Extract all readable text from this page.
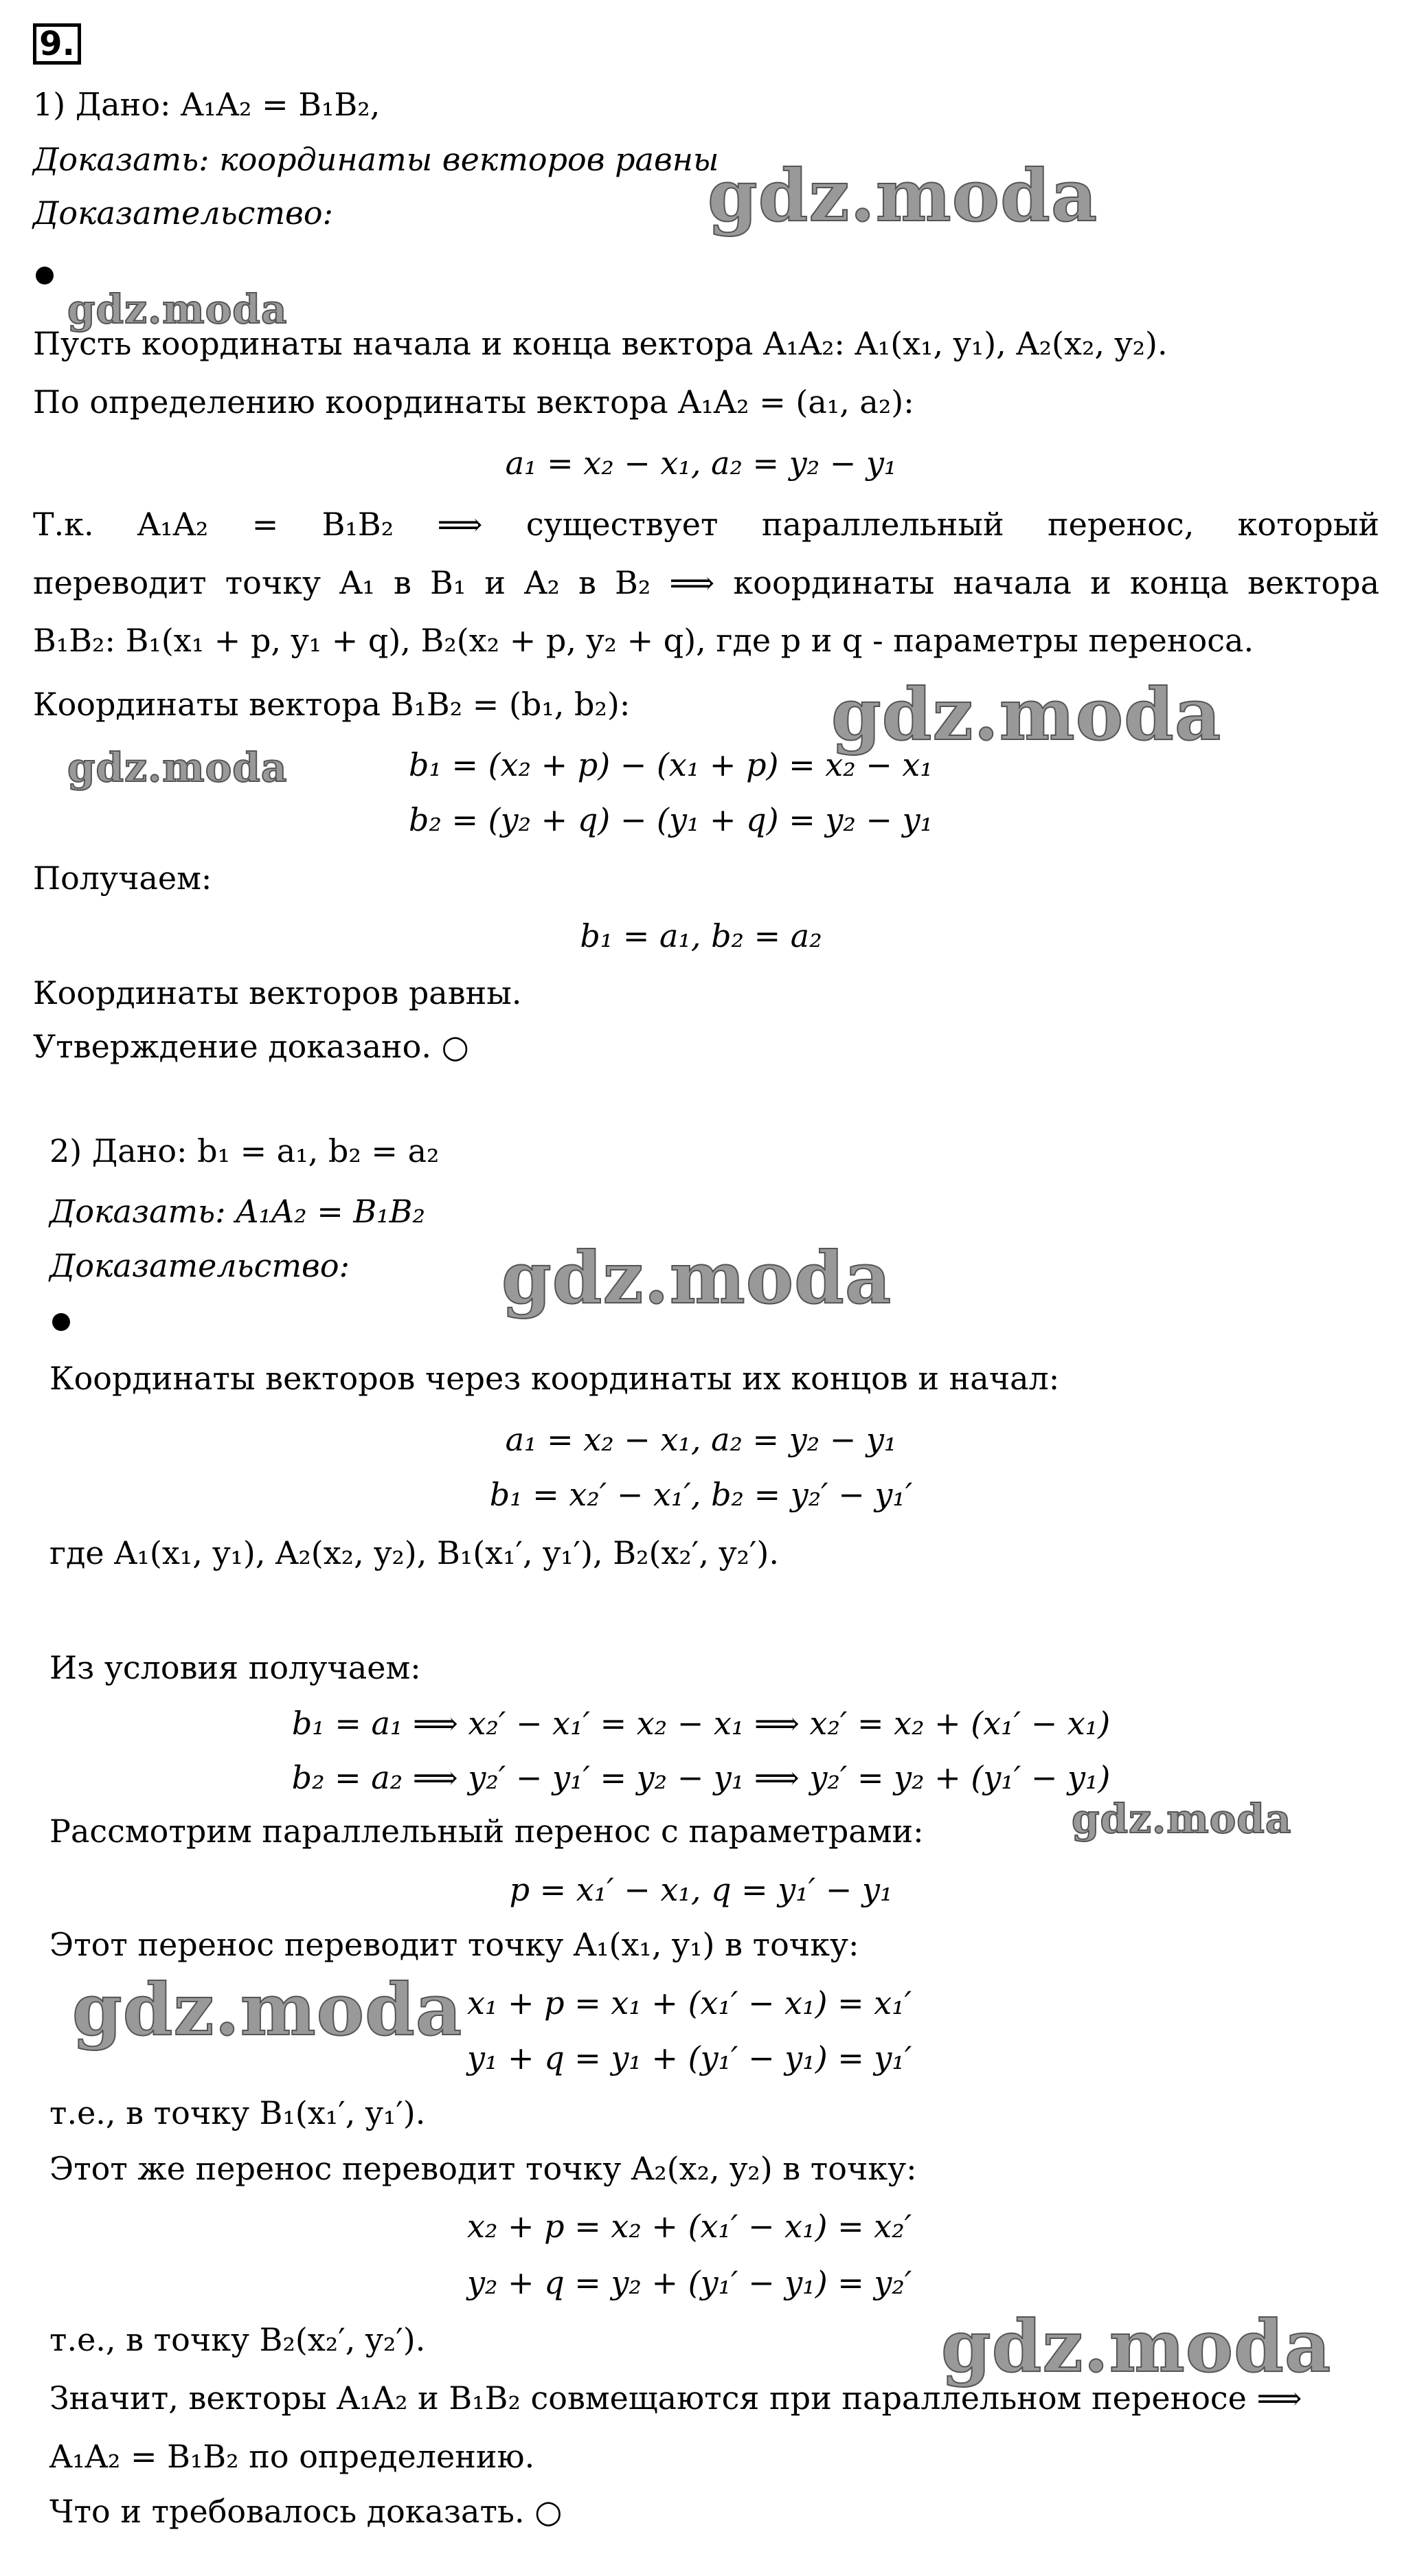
9.
1) Дано: A₁A₂ = B₁B₂,
Доказать: координаты векторов равны
Доказательство:
Пусть координаты начала и конца вектора A₁A₂: A₁(x₁, y₁), A₂(x₂, y₂).
По определению координаты вектора A₁A₂ = (a₁, a₂):
a₁ = x₂ − x₁, a₂ = y₂ − y₁
Т.к. A₁A₂ = B₁B₂ ⟹ существует параллельный перенос, который
переводит точку A₁ в B₁ и A₂ в B₂ ⟹ координаты начала и конца вектора
B₁B₂: B₁(x₁ + p, y₁ + q), B₂(x₂ + p, y₂ + q), где p и q - параметры переноса.
Координаты вектора B₁B₂ = (b₁, b₂):
b₁ = (x₂ + p) − (x₁ + p) = x₂ − x₁
b₂ = (y₂ + q) − (y₁ + q) = y₂ − y₁
Получаем:
b₁ = a₁, b₂ = a₂
Координаты векторов равны.
Утверждение доказано. ○
2) Дано: b₁ = a₁, b₂ = a₂
Доказать: A₁A₂ = B₁B₂
Доказательство:
Координаты векторов через координаты их концов и начал:
a₁ = x₂ − x₁, a₂ = y₂ − y₁
b₁ = x₂′ − x₁′, b₂ = y₂′ − y₁′
где A₁(x₁, y₁), A₂(x₂, y₂), B₁(x₁′, y₁′), B₂(x₂′, y₂′).
Из условия получаем:
b₁ = a₁ ⟹ x₂′ − x₁′ = x₂ − x₁ ⟹ x₂′ = x₂ + (x₁′ − x₁)
b₂ = a₂ ⟹ y₂′ − y₁′ = y₂ − y₁ ⟹ y₂′ = y₂ + (y₁′ − y₁)
Рассмотрим параллельный перенос с параметрами:
p = x₁′ − x₁, q = y₁′ − y₁
Этот перенос переводит точку A₁(x₁, y₁) в точку:
x₁ + p = x₁ + (x₁′ − x₁) = x₁′
y₁ + q = y₁ + (y₁′ − y₁) = y₁′
т.е., в точку B₁(x₁′, y₁′).
Этот же перенос переводит точку A₂(x₂, y₂) в точку:
x₂ + p = x₂ + (x₁′ − x₁) = x₂′
y₂ + q = y₂ + (y₁′ − y₁) = y₂′
т.е., в точку B₂(x₂′, y₂′).
Значит, векторы A₁A₂ и B₁B₂ совмещаются при параллельном переносе ⟹
A₁A₂ = B₁B₂ по определению.
Что и требовалось доказать. ○
gdz.moda
gdz.moda
gdz.moda
gdz.moda
gdz.moda
gdz.moda
gdz.moda
gdz.moda
